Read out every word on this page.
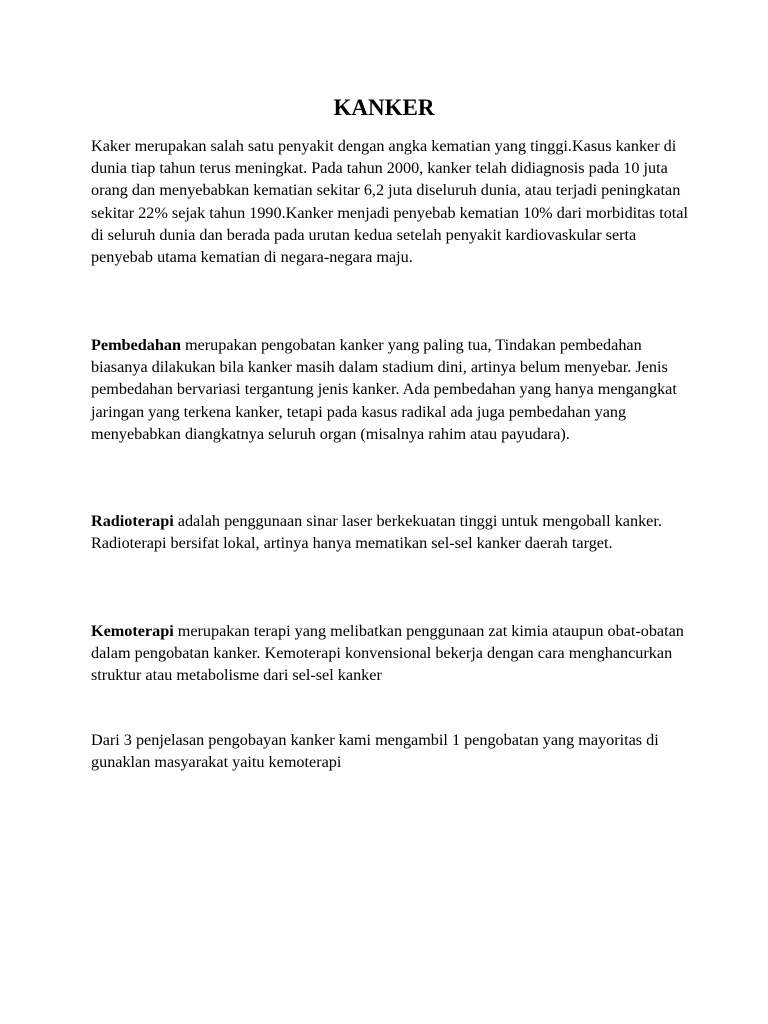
KANKER

Kaker merupakan salah satu penyakit dengan angka kematian yang tinggi.Kasus kanker di dunia tiap tahun terus meningkat. Pada tahun 2000, kanker telah didiagnosis pada 10 juta orang dan menyebabkan kematian sekitar 6,2 juta diseluruh dunia, atau terjadi peningkatan sekitar 22% sejak tahun 1990.Kanker menjadi penyebab kematian 10% dari morbiditas total di seluruh dunia dan berada pada urutan kedua setelah penyakit kardiovaskular serta penyebab utama kematian di negara-negara maju.

Pembedahan merupakan pengobatan kanker yang paling tua, Tindakan pembedahan biasanya dilakukan bila kanker masih dalam stadium dini, artinya belum menyebar. Jenis pembedahan bervariasi tergantung jenis kanker. Ada pembedahan yang hanya mengangkat jaringan yang terkena kanker, tetapi pada kasus radikal ada juga pembedahan yang menyebabkan diangkatnya seluruh organ (misalnya rahim atau payudara).

Radioterapi adalah penggunaan sinar laser berkekuatan tinggi untuk mengoball kanker. Radioterapi bersifat lokal, artinya hanya mematikan sel-sel kanker daerah target.

Kemoterapi merupakan terapi yang melibatkan penggunaan zat kimia ataupun obat-obatan dalam pengobatan kanker. Kemoterapi konvensional bekerja dengan cara menghancurkan struktur atau metabolisme dari sel-sel kanker

Dari 3 penjelasan pengobayan kanker kami mengambil 1 pengobatan yang mayoritas di gunaklan masyarakat yaitu kemoterapi
